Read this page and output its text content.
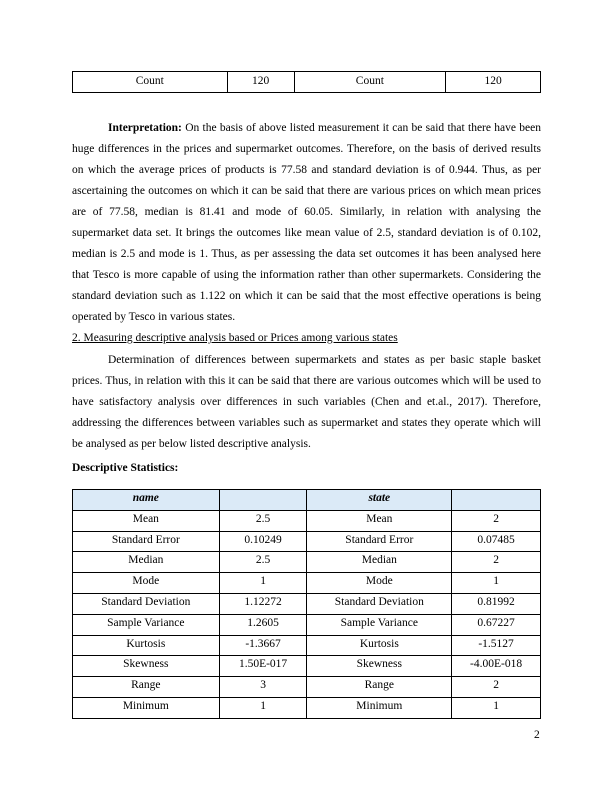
Count	120	Count	120

Interpretation: On the basis of above listed measurement it can be said that there have been huge differences in the prices and supermarket outcomes. Therefore, on the basis of derived results on which the average prices of products is 77.58 and standard deviation is of 0.944. Thus, as per ascertaining the outcomes on which it can be said that there are various prices on which mean prices are of 77.58, median is 81.41 and mode of 60.05. Similarly, in relation with analysing the supermarket data set. It brings the outcomes like mean value of 2.5, standard deviation is of 0.102, median is 2.5 and mode is 1. Thus, as per assessing the data set outcomes it has been analysed here that Tesco is more capable of using the information rather than other supermarkets. Considering the standard deviation such as 1.122 on which it can be said that the most effective operations is being operated by Tesco in various states.

2. Measuring descriptive analysis based or Prices among various states

Determination of differences between supermarkets and states as per basic staple basket prices. Thus, in relation with this it can be said that there are various outcomes which will be used to have satisfactory analysis over differences in such variables (Chen and et.al., 2017). Therefore, addressing the differences between variables such as supermarket and states they operate which will be analysed as per below listed descriptive analysis.

Descriptive Statistics:
name		state	
Mean	2.5	Mean	2
Standard Error	0.10249	Standard Error	0.07485
Median	2.5	Median	2
Mode	1	Mode	1
Standard Deviation	1.12272	Standard Deviation	0.81992
Sample Variance	1.2605	Sample Variance	0.67227
Kurtosis	-1.3667	Kurtosis	-1.5127
Skewness	1.50E-017	Skewness	-4.00E-018
Range	3	Range	2
Minimum	1	Minimum	1
2
